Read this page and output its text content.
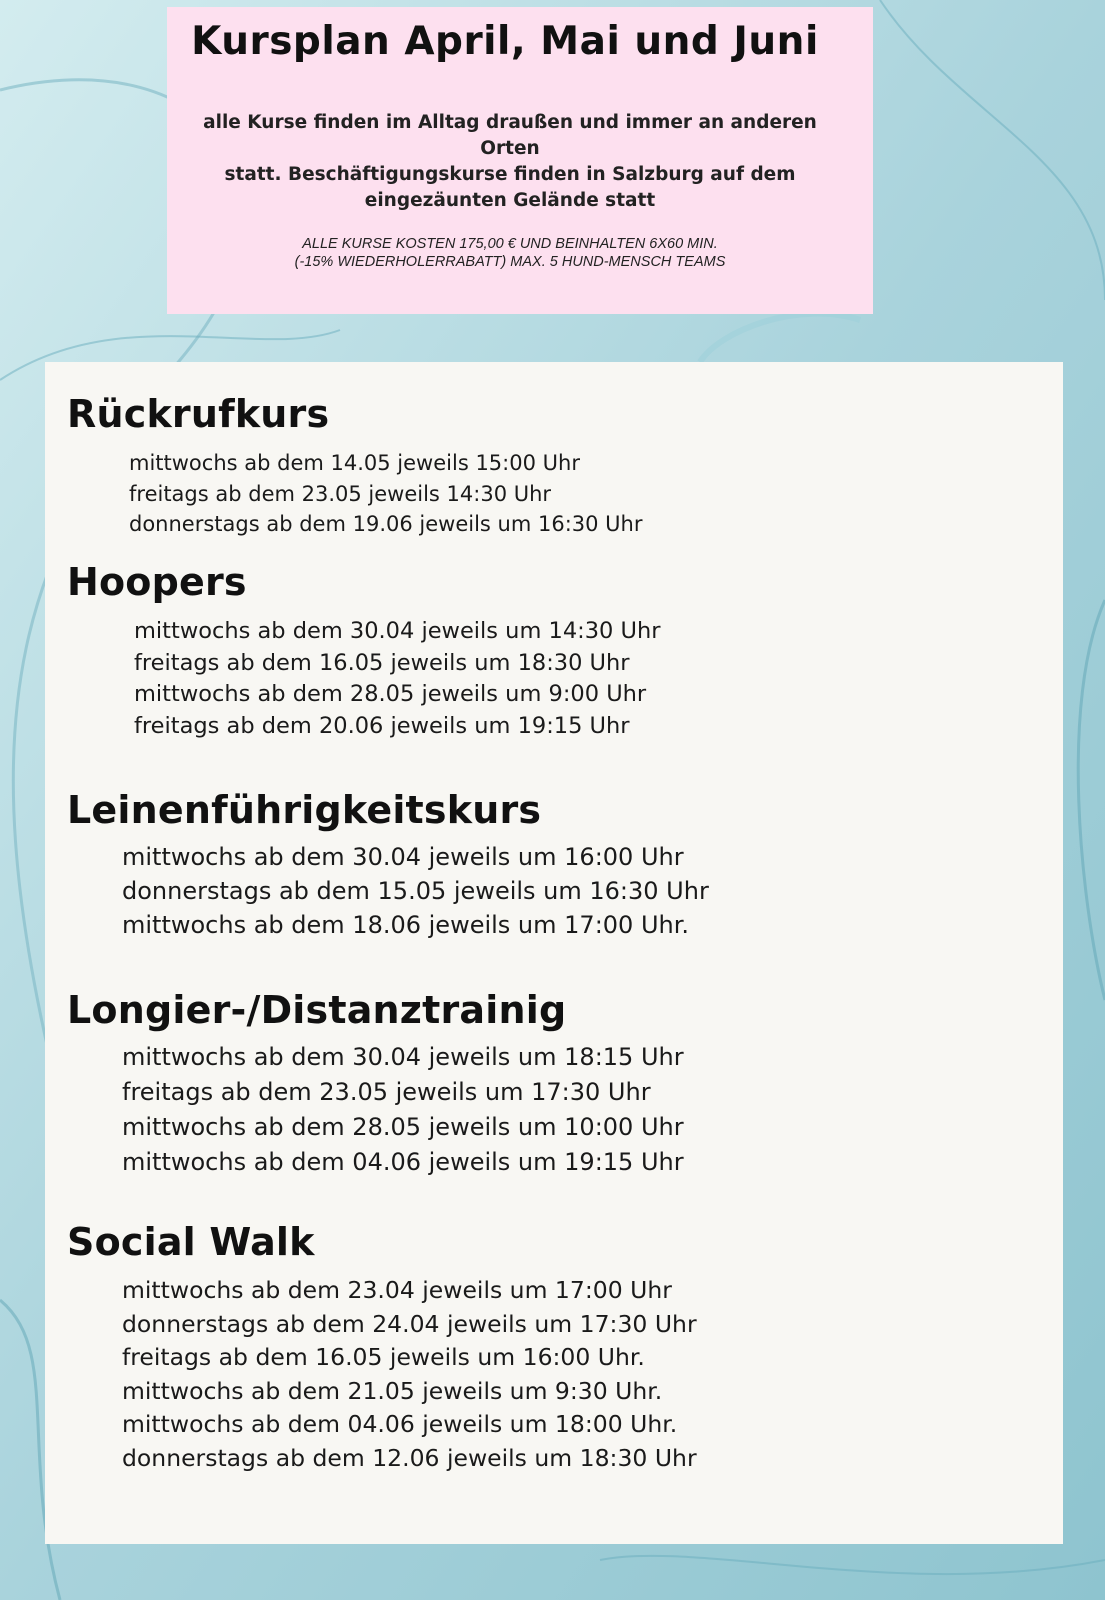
Kursplan April, Mai und Juni
alle Kurse finden im Alltag draußen und immer an anderen Orten
statt. Beschäftigungskurse finden in Salzburg auf dem
eingezäunten Gelände statt
ALLE KURSE KOSTEN 175,00 € UND BEINHALTEN 6X60 MIN.
(-15% WIEDERHOLERRABATT) MAX. 5 HUND-MENSCH TEAMS
Rückrufkurs
mittwochs ab dem 14.05 jeweils 15:00 Uhr
freitags ab dem 23.05 jeweils 14:30 Uhr
donnerstags ab dem 19.06 jeweils um 16:30 Uhr
Hoopers
mittwochs ab dem 30.04 jeweils um 14:30 Uhr
freitags ab dem 16.05 jeweils um 18:30 Uhr
mittwochs ab dem 28.05 jeweils um 9:00 Uhr
freitags ab dem 20.06 jeweils um 19:15 Uhr
Leinenführigkeitskurs
mittwochs ab dem 30.04 jeweils um 16:00 Uhr
donnerstags ab dem 15.05 jeweils um 16:30 Uhr
mittwochs ab dem 18.06 jeweils um 17:00 Uhr.
Longier-/Distanztrainig
mittwochs ab dem 30.04 jeweils um 18:15 Uhr
freitags ab dem 23.05 jeweils um 17:30 Uhr
mittwochs ab dem 28.05 jeweils um 10:00 Uhr
mittwochs ab dem 04.06 jeweils um 19:15 Uhr
Social Walk
mittwochs ab dem 23.04 jeweils um 17:00 Uhr
donnerstags ab dem 24.04 jeweils um 17:30 Uhr
freitags ab dem 16.05 jeweils um 16:00 Uhr.
mittwochs ab dem 21.05 jeweils um 9:30 Uhr.
mittwochs ab dem 04.06 jeweils um 18:00 Uhr.
donnerstags ab dem 12.06 jeweils um 18:30 Uhr
